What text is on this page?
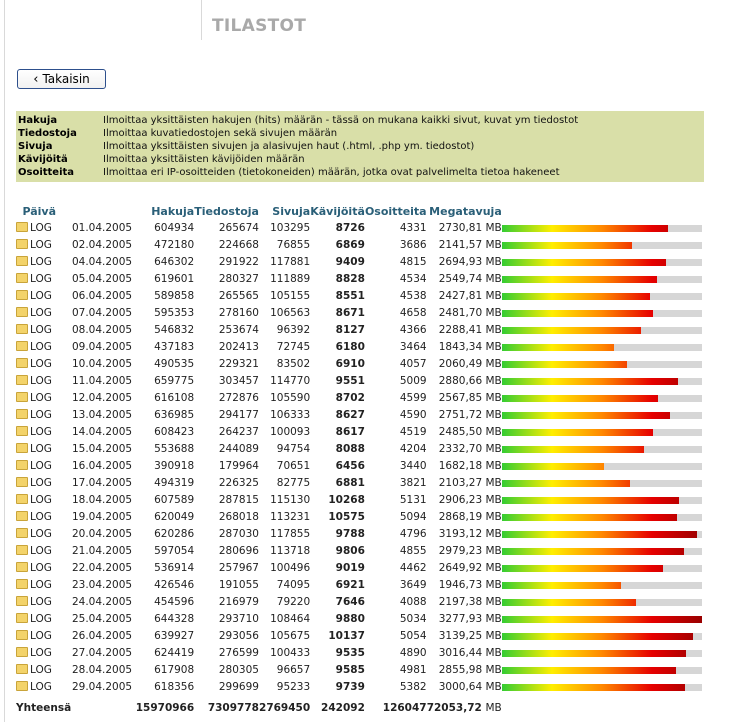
TILASTOT
‹ Takaisin
Hakuja	Ilmoittaa yksittäisten hakujen (hits) määrän - tässä on mukana kaikki sivut, kuvat ym tiedostot
Tiedostoja	Ilmoittaa kuvatiedostojen sekä sivujen määrän
Sivuja	Ilmoittaa yksittäisten sivujen ja alasivujen haut (.html, .php ym. tiedostot)
Kävijöitä	Ilmoittaa yksittäisten kävijöiden määrän
Osoitteita	Ilmoittaa eri IP-osoitteiden (tietokoneiden) määrän, jotka ovat palvelimelta tietoa hakeneet
Päivä		Hakuja	Tiedostoja	Sivuja	Kävijöitä	Osoitteita	Megatavuja	
LOG	01.04.2005	604934	265674	103295	8726	4331	2730,81 MB	

LOG	02.04.2005	472180	224668	76855	6869	3686	2141,57 MB	

LOG	04.04.2005	646302	291922	117881	9409	4815	2694,93 MB	

LOG	05.04.2005	619601	280327	111889	8828	4534	2549,74 MB	

LOG	06.04.2005	589858	265565	105155	8551	4538	2427,81 MB	

LOG	07.04.2005	595353	278160	106563	8671	4658	2481,70 MB	

LOG	08.04.2005	546832	253674	96392	8127	4366	2288,41 MB	

LOG	09.04.2005	437183	202413	72745	6180	3464	1843,34 MB	

LOG	10.04.2005	490535	229321	83502	6910	4057	2060,49 MB	

LOG	11.04.2005	659775	303457	114770	9551	5009	2880,66 MB	

LOG	12.04.2005	616108	272876	105590	8702	4599	2567,85 MB	

LOG	13.04.2005	636985	294177	106333	8627	4590	2751,72 MB	

LOG	14.04.2005	608423	264237	100093	8617	4519	2485,50 MB	

LOG	15.04.2005	553688	244089	94754	8088	4204	2332,70 MB	

LOG	16.04.2005	390918	179964	70651	6456	3440	1682,18 MB	

LOG	17.04.2005	494319	226325	82775	6881	3821	2103,27 MB	

LOG	18.04.2005	607589	287815	115130	10268	5131	2906,23 MB	

LOG	19.04.2005	620049	268018	113231	10575	5094	2868,19 MB	

LOG	20.04.2005	620286	287030	117855	9788	4796	3193,12 MB	

LOG	21.04.2005	597054	280696	113718	9806	4855	2979,23 MB	

LOG	22.04.2005	536914	257967	100496	9019	4462	2649,92 MB	

LOG	23.04.2005	426546	191055	74095	6921	3649	1946,73 MB	

LOG	24.04.2005	454596	216979	79220	7646	4088	2197,38 MB	

LOG	25.04.2005	644328	293710	108464	9880	5034	3277,93 MB	

LOG	26.04.2005	639927	293056	105675	10137	5054	3139,25 MB	

LOG	27.04.2005	624419	276599	100433	9535	4890	3016,44 MB	

LOG	28.04.2005	617908	280305	96657	9585	4981	2855,98 MB	

LOG	29.04.2005	618356	299699	95233	9739	5382	3000,64 MB	

Yhteensä		15970966	7309778	2769450	242092	126047	72053,72 MB	
